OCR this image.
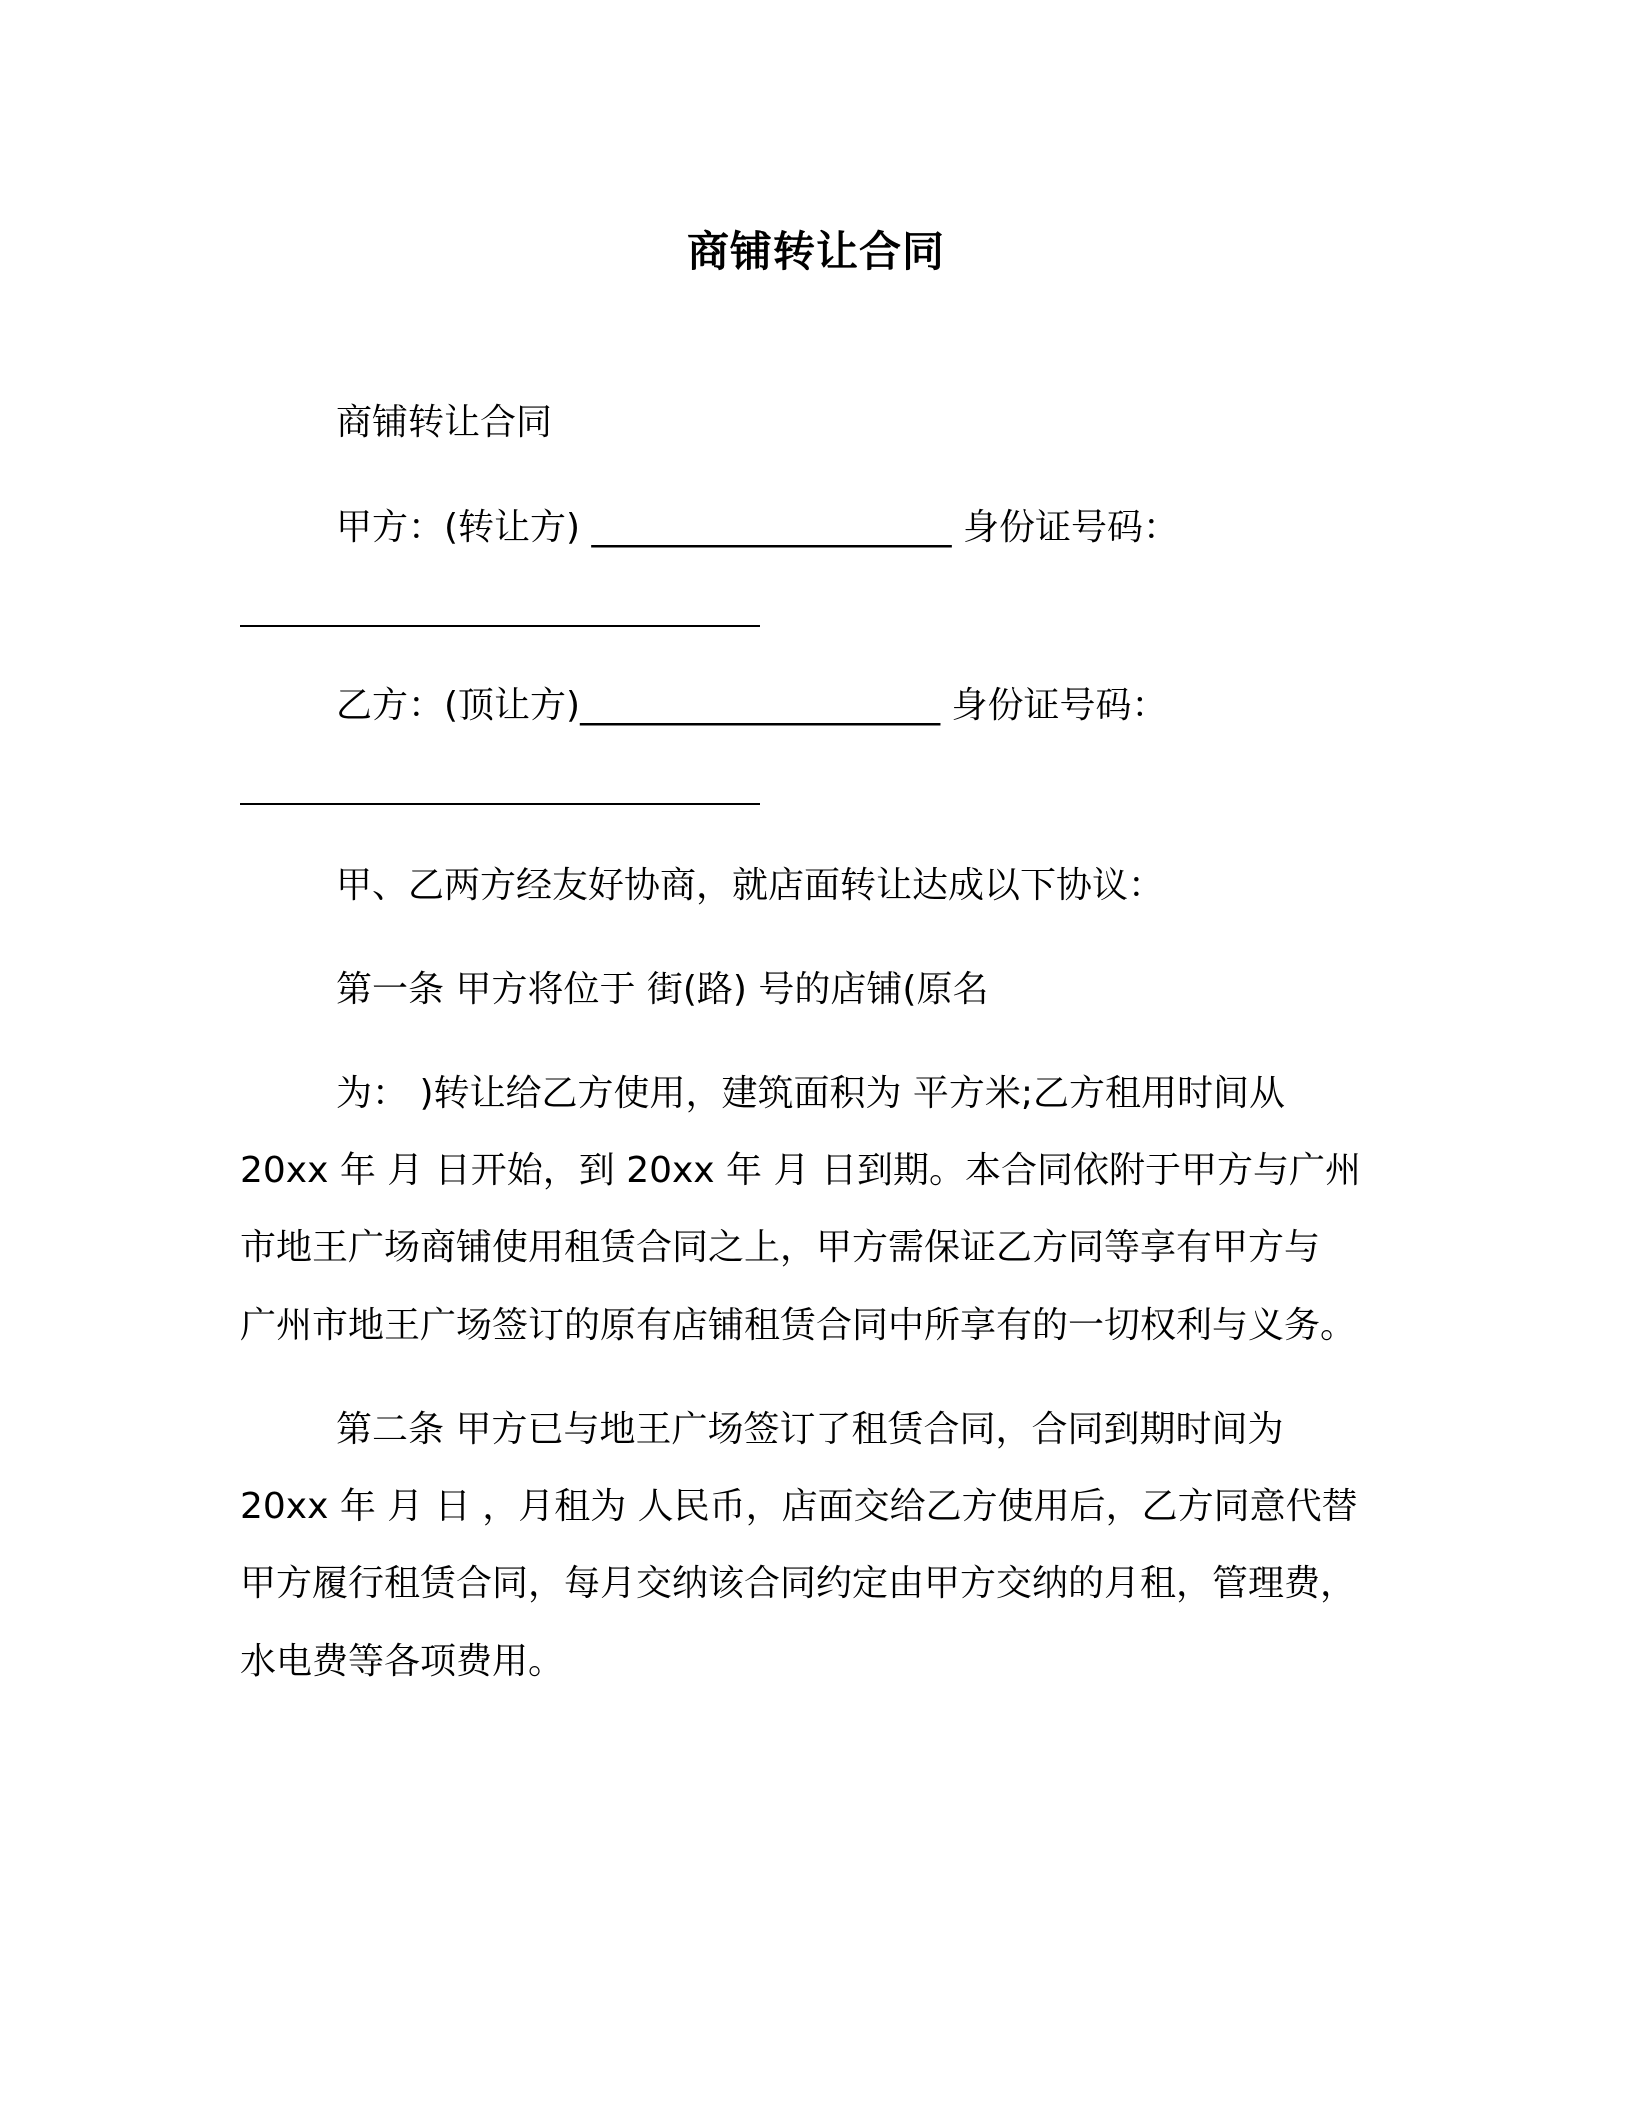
商铺转让合同
商铺转让合同
甲方：(转让方) ____________________ 身份证号码：
乙方：(顶让方)____________________ 身份证号码：
甲、乙两方经友好协商，就店面转让达成以下协议：
第一条 甲方将位于 街(路) 号的店铺(原名
为： )转让给乙方使用，建筑面积为 平方米;乙方租用时间从
20xx 年 月 日开始，到 20xx 年 月 日到期。本合同依附于甲方与广州
市地王广场商铺使用租赁合同之上，甲方需保证乙方同等享有甲方与
广州市地王广场签订的原有店铺租赁合同中所享有的一切权利与义务。
第二条 甲方已与地王广场签订了租赁合同，合同到期时间为
20xx 年 月 日 ，月租为 人民币，店面交给乙方使用后，乙方同意代替
甲方履行租赁合同，每月交纳该合同约定由甲方交纳的月租，管理费，
水电费等各项费用。
